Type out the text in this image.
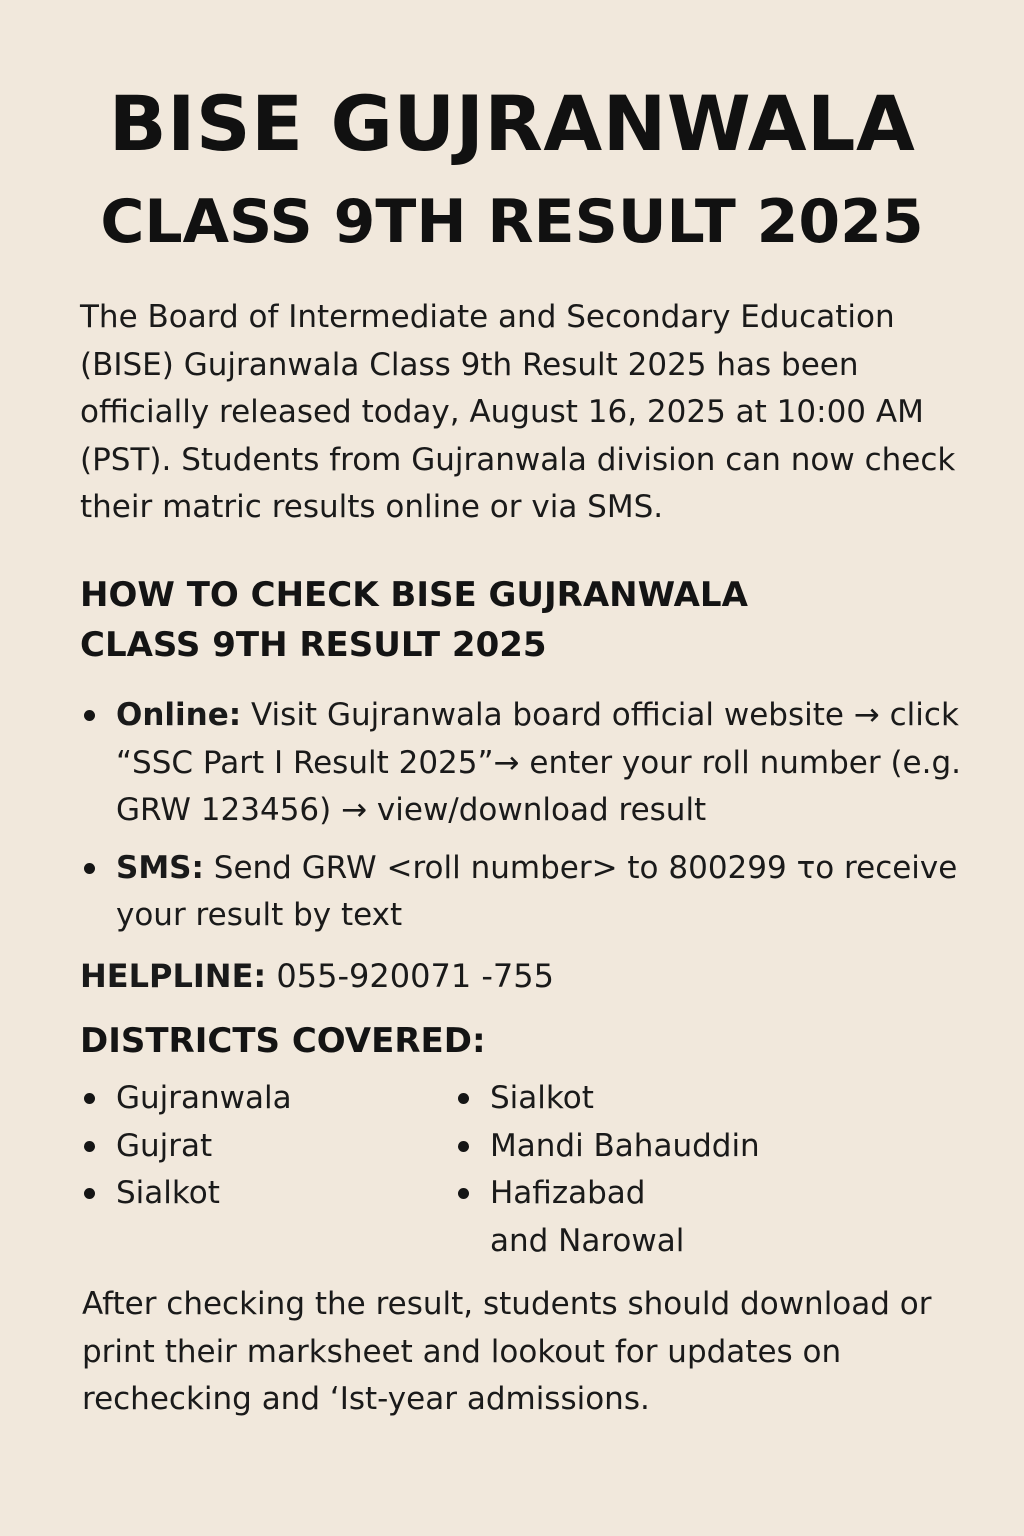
BISE GUJRANWALA
CLASS 9TH RESULT 2025

The Board of Intermediate and Secondary Education (BISE) Gujranwala Class 9th Result 2025 has been officially released today, August 16, 2025 at 10:00 AM (PST). Students from Gujranwala division can now check their matric results online or via SMS.

HOW TO CHECK BISE GUJRANWALA
CLASS 9TH RESULT 2025
Online: Visit Gujranwala board official website → click “SSC Part I Result 2025”→ enter your roll number (e.g. GRW 123456) → view/download result
SMS: Send GRW <roll number> to 800299 τo receive your result by text
HELPLINE: 055-920071 -755
DISTRICTS COVERED:
Gujranwala
Gujrat
Sialkot
Sialkot
Mandi Bahauddin
Hafizabad
and Narowal

After checking the result, students should download or print their marksheet and lookout for updates on rechecking and ‘Ist-year admissions.
